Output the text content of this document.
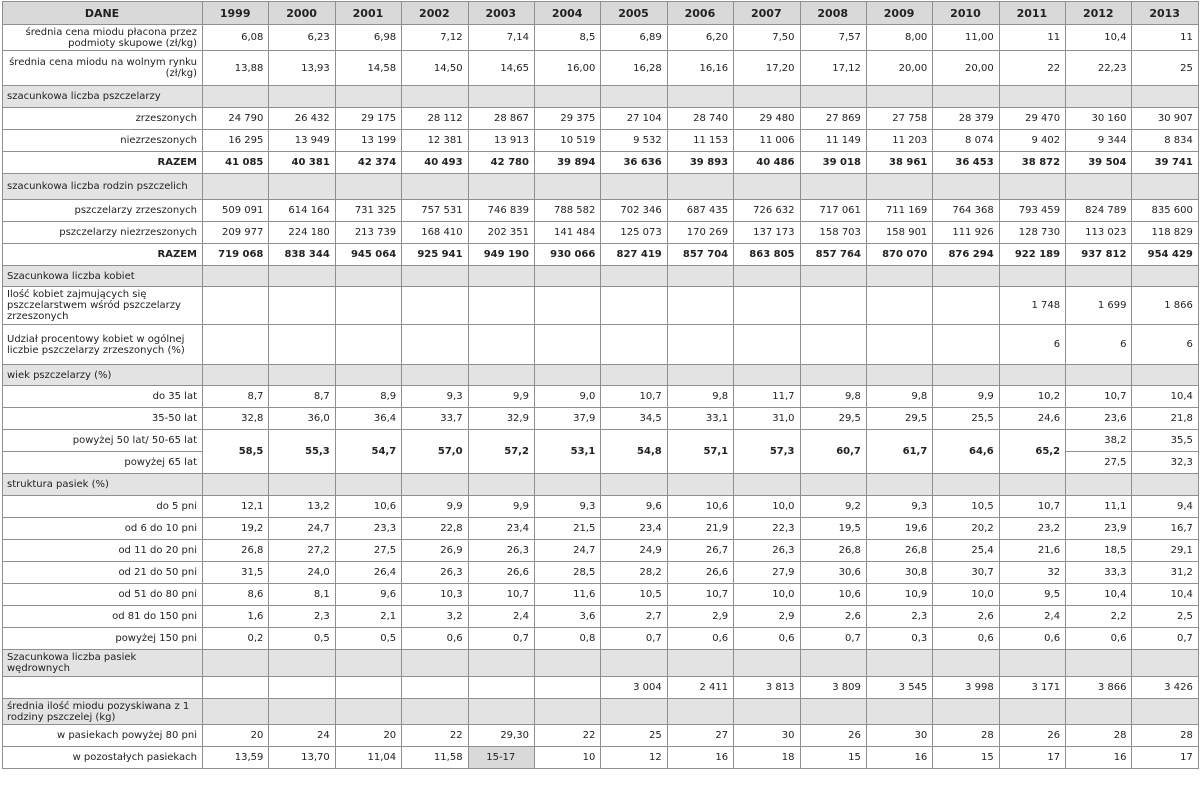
DANE	1999	2000	2001	2002	2003	2004	2005	2006	2007	2008	2009	2010	2011	2012	2013
średnia cena miodu płacona przez podmioty skupowe (zł/kg)	6,08	6,23	6,98	7,12	7,14	8,5	6,89	6,20	7,50	7,57	8,00	11,00	11	10,4	11
średnia cena miodu na wolnym rynku (zł/kg)	13,88	13,93	14,58	14,50	14,65	16,00	16,28	16,16	17,20	17,12	20,00	20,00	22	22,23	25
szacunkowa liczba pszczelarzy															
zrzeszonych	24 790	26 432	29 175	28 112	28 867	29 375	27 104	28 740	29 480	27 869	27 758	28 379	29 470	30 160	30 907
niezrzeszonych	16 295	13 949	13 199	12 381	13 913	10 519	9 532	11 153	11 006	11 149	11 203	8 074	9 402	9 344	8 834
RAZEM	41 085	40 381	42 374	40 493	42 780	39 894	36 636	39 893	40 486	39 018	38 961	36 453	38 872	39 504	39 741
szacunkowa liczba rodzin pszczelich															
pszczelarzy zrzeszonych	509 091	614 164	731 325	757 531	746 839	788 582	702 346	687 435	726 632	717 061	711 169	764 368	793 459	824 789	835 600
pszczelarzy niezrzeszonych	209 977	224 180	213 739	168 410	202 351	141 484	125 073	170 269	137 173	158 703	158 901	111 926	128 730	113 023	118 829
RAZEM	719 068	838 344	945 064	925 941	949 190	930 066	827 419	857 704	863 805	857 764	870 070	876 294	922 189	937 812	954 429
Szacunkowa liczba kobiet															
Ilość kobiet zajmujących się pszczelarstwem wśród pszczelarzy zrzeszonych													1 748	1 699	1 866
Udział procentowy kobiet w ogólnej liczbie pszczelarzy zrzeszonych (%)													6	6	6
wiek pszczelarzy (%)															
do 35 lat	8,7	8,7	8,9	9,3	9,9	9,0	10,7	9,8	11,7	9,8	9,8	9,9	10,2	10,7	10,4
35-50 lat	32,8	36,0	36,4	33,7	32,9	37,9	34,5	33,1	31,0	29,5	29,5	25,5	24,6	23,6	21,8
powyżej 50 lat/ 50-65 lat	58,5	55,3	54,7	57,0	57,2	53,1	54,8	57,1	57,3	60,7	61,7	64,6	65,2	38,2	35,5
powyżej 65 lat														27,5	32,3
struktura pasiek (%)															
do 5 pni	12,1	13,2	10,6	9,9	9,9	9,3	9,6	10,6	10,0	9,2	9,3	10,5	10,7	11,1	9,4
od 6 do 10 pni	19,2	24,7	23,3	22,8	23,4	21,5	23,4	21,9	22,3	19,5	19,6	20,2	23,2	23,9	16,7
od 11 do 20 pni	26,8	27,2	27,5	26,9	26,3	24,7	24,9	26,7	26,3	26,8	26,8	25,4	21,6	18,5	29,1
od 21 do 50 pni	31,5	24,0	26,4	26,3	26,6	28,5	28,2	26,6	27,9	30,6	30,8	30,7	32	33,3	31,2
od 51 do 80 pni	8,6	8,1	9,6	10,3	10,7	11,6	10,5	10,7	10,0	10,6	10,9	10,0	9,5	10,4	10,4
od 81 do 150 pni	1,6	2,3	2,1	3,2	2,4	3,6	2,7	2,9	2,9	2,6	2,3	2,6	2,4	2,2	2,5
powyżej 150 pni	0,2	0,5	0,5	0,6	0,7	0,8	0,7	0,6	0,6	0,7	0,3	0,6	0,6	0,6	0,7
Szacunkowa liczba pasiek wędrownych															
							3 004	2 411	3 813	3 809	3 545	3 998	3 171	3 866	3 426
średnia ilość miodu pozyskiwana z 1 rodziny pszczelej (kg)															
w pasiekach powyżej 80 pni	20	24	20	22	29,30	22	25	27	30	26	30	28	26	28	28
w pozostałych pasiekach	13,59	13,70	11,04	11,58	15-17	10	12	16	18	15	16	15	17	16	17
